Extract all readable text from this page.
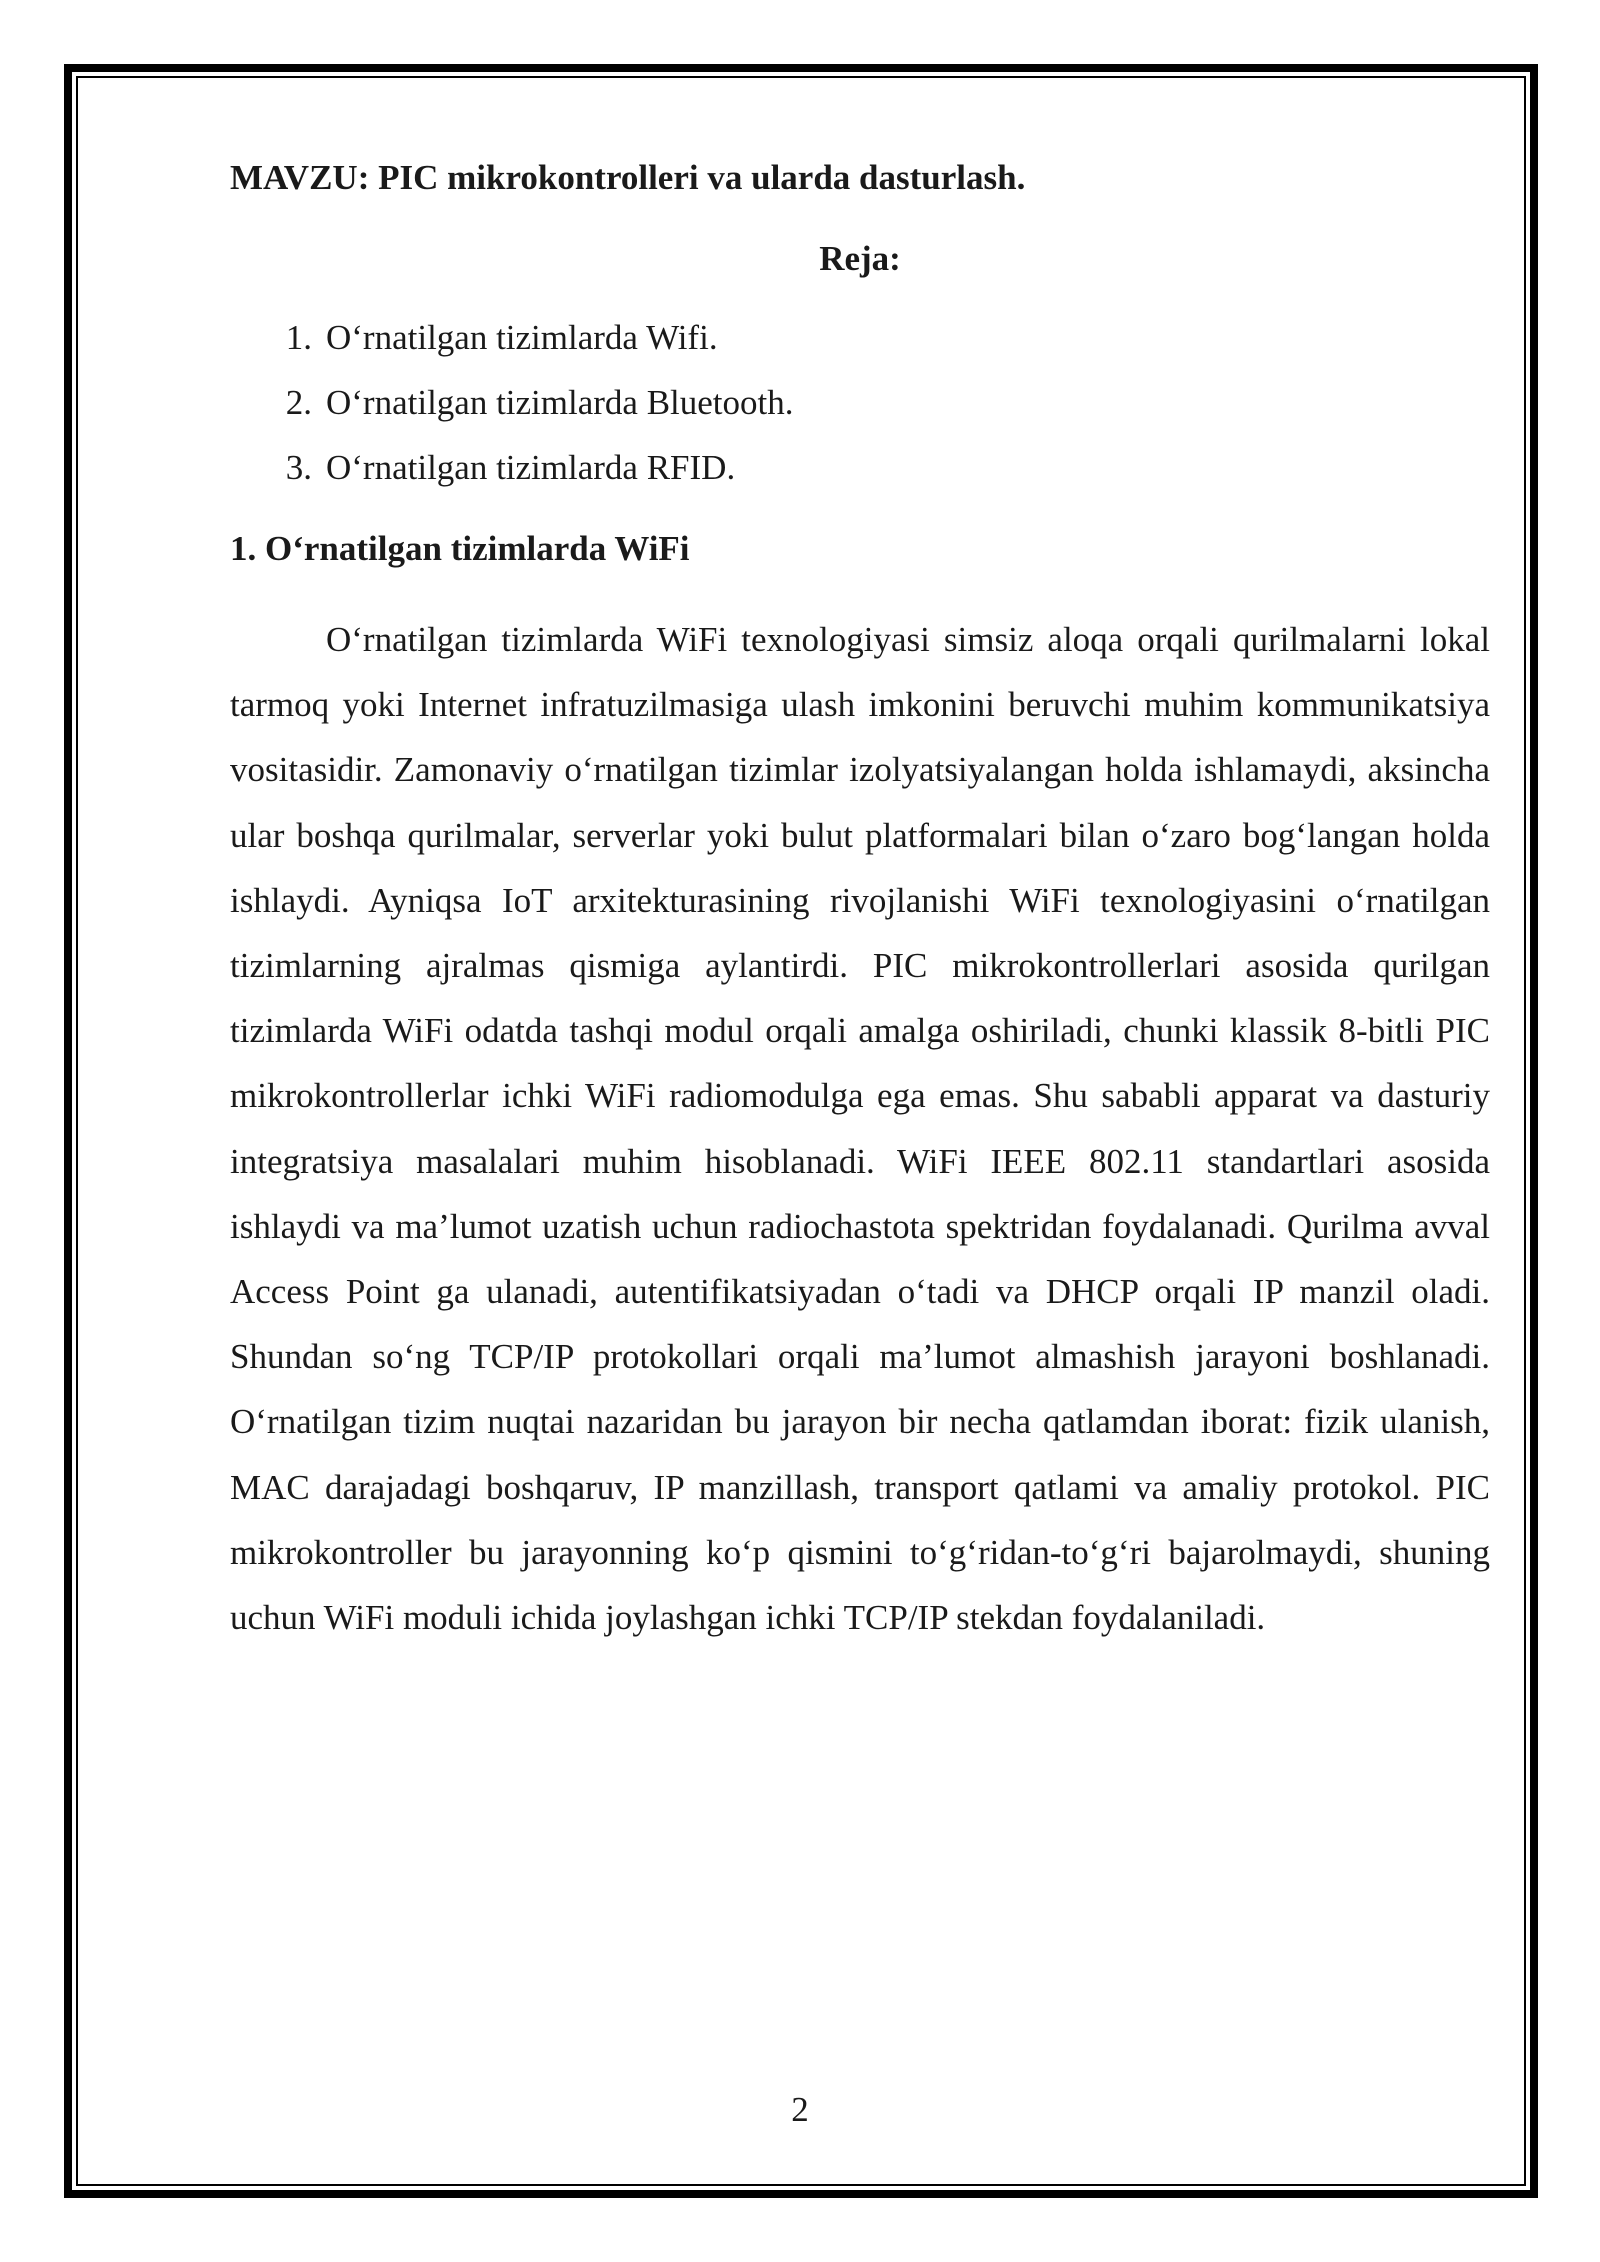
MAVZU: PIC mikrokontrolleri va ularda dasturlash.

Reja:

1. O‘rnatilgan tizimlarda Wifi.
2. O‘rnatilgan tizimlarda Bluetooth.
3. O‘rnatilgan tizimlarda RFID.

1. O‘rnatilgan tizimlarda WiFi

O‘rnatilgan tizimlarda WiFi texnologiyasi simsiz aloqa orqali qurilmalarni lokal tarmoq yoki Internet infratuzilmasiga ulash imkonini beruvchi muhim kommunikatsiya vositasidir. Zamonaviy o‘rnatilgan tizimlar izolyatsiyalangan holda ishlamaydi, aksincha ular boshqa qurilmalar, serverlar yoki bulut platformalari bilan o‘zaro bog‘langan holda ishlaydi. Ayniqsa IoT arxitekturasining rivojlanishi WiFi texnologiyasini o‘rnatilgan tizimlarning ajralmas qismiga aylantirdi. PIC mikrokontrollerlari asosida qurilgan tizimlarda WiFi odatda tashqi modul orqali amalga oshiriladi, chunki klassik 8-bitli PIC mikrokontrollerlar ichki WiFi radiomodulga ega emas. Shu sababli apparat va dasturiy integratsiya masalalari muhim hisoblanadi. WiFi IEEE 802.11 standartlari asosida ishlaydi va ma’lumot uzatish uchun radiochastota spektridan foydalanadi. Qurilma avval Access Point ga ulanadi, autentifikatsiyadan o‘tadi va DHCP orqali IP manzil oladi. Shundan so‘ng TCP/IP protokollari orqali ma’lumot almashish jarayoni boshlanadi. O‘rnatilgan tizim nuqtai nazaridan bu jarayon bir necha qatlamdan iborat: fizik ulanish, MAC darajadagi boshqaruv, IP manzillash, transport qatlami va amaliy protokol. PIC mikrokontroller bu jarayonning ko‘p qismini to‘g‘ridan-to‘g‘ri bajarolmaydi, shuning uchun WiFi moduli ichida joylashgan ichki TCP/IP stekdan foydalaniladi.

2
